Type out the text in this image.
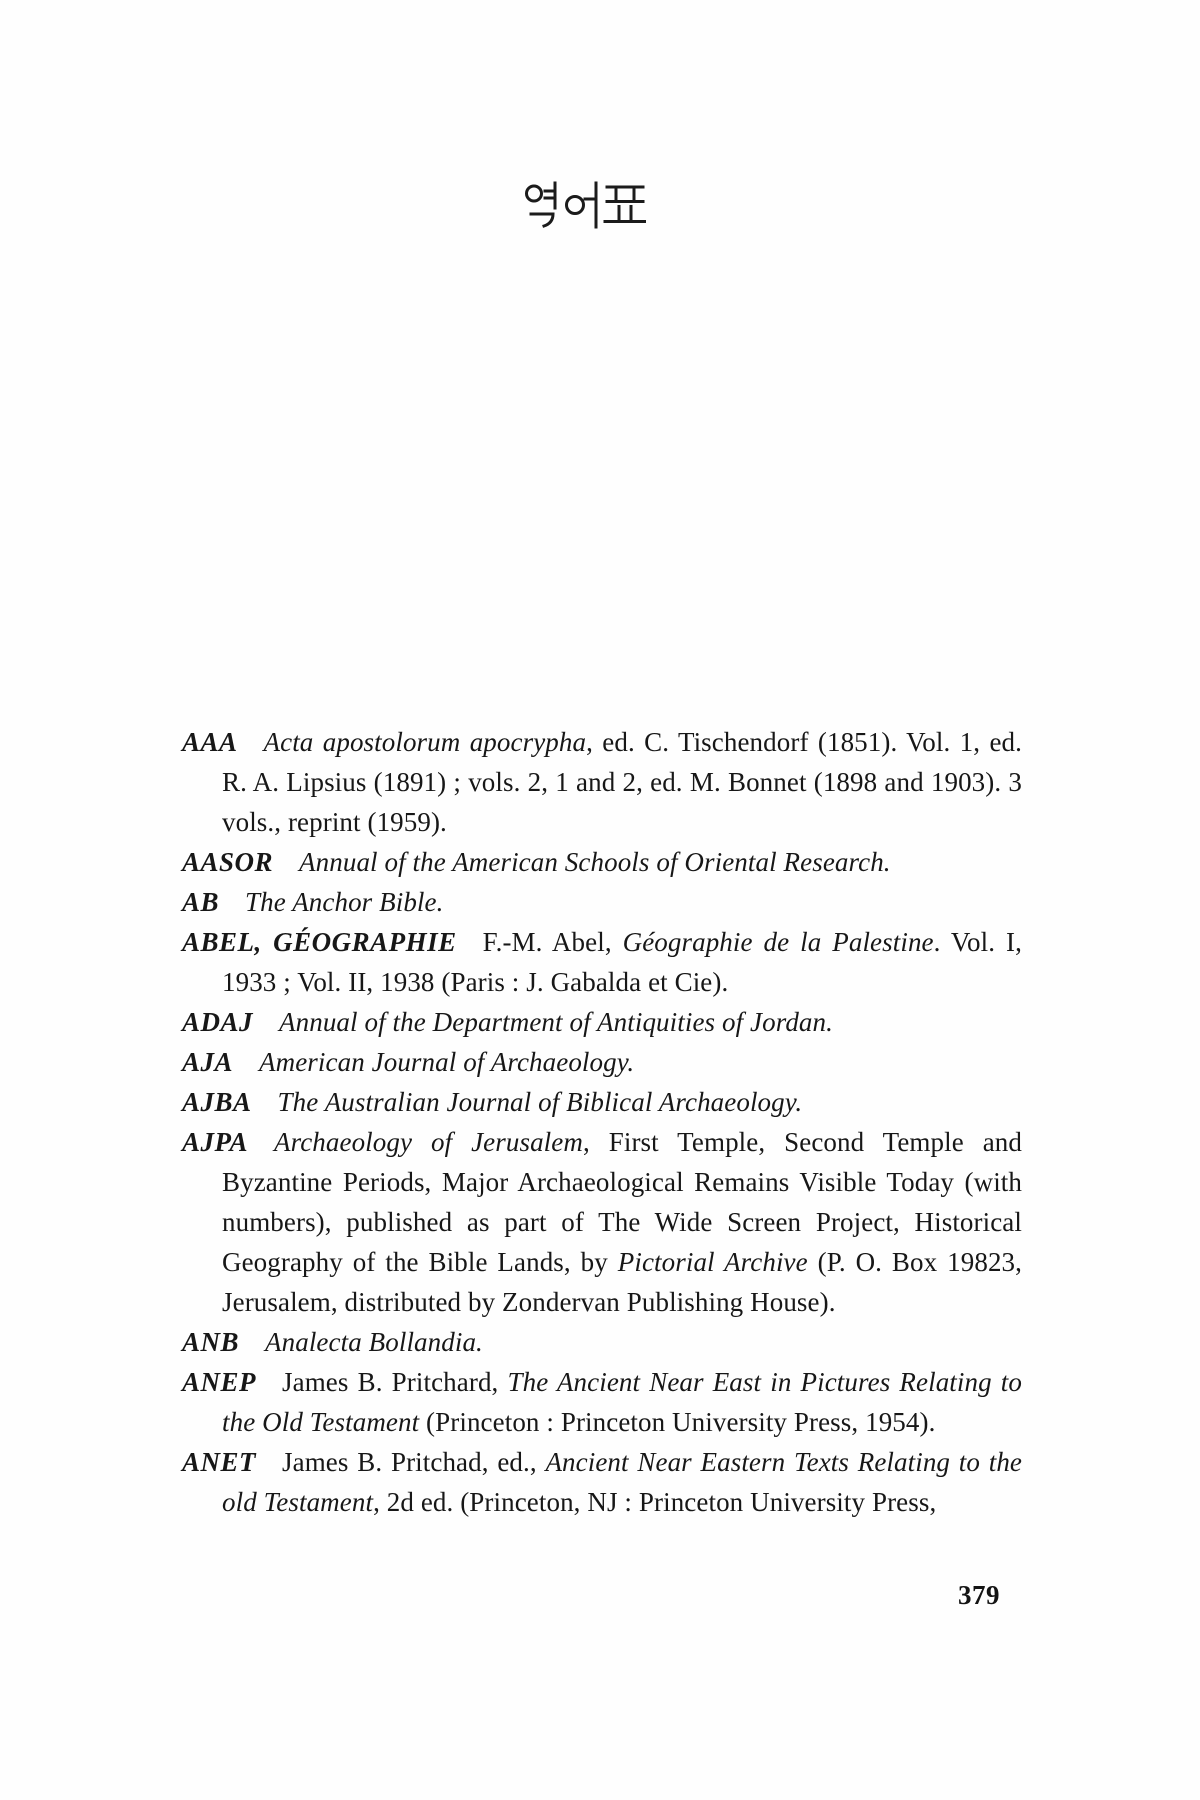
AAA Acta apostolorum apocrypha, ed. C. Tischendorf (1851). Vol. 1, ed. R. A. Lipsius (1891) ; vols. 2, 1 and 2, ed. M. Bonnet (1898 and 1903). 3 vols., reprint (1959).
AASOR Annual of the American Schools of Oriental Research.
AB The Anchor Bible.
ABEL, GÉOGRAPHIE F.-M. Abel, Géographie de la Palestine. Vol. I, 1933 ; Vol. II, 1938 (Paris : J. Gabalda et Cie).
ADAJ Annual of the Department of Antiquities of Jordan.
AJA American Journal of Archaeology.
AJBA The Australian Journal of Biblical Archaeology.
AJPA Archaeology of Jerusalem, First Temple, Second Temple and Byzantine Periods, Major Archaeological Remains Visible Today (with numbers), published as part of The Wide Screen Project, Historical Geography of the Bible Lands, by Pictorial Archive (P. O. Box 19823, Jerusalem, distributed by Zondervan Publishing House).
ANB Analecta Bollandia.
ANEP James B. Pritchard, The Ancient Near East in Pictures Relating to the Old Testament (Princeton : Princeton University Press, 1954).
ANET James B. Pritchad, ed., Ancient Near Eastern Texts Relating to the old Testament, 2d ed. (Princeton, NJ : Princeton University Press,
379
